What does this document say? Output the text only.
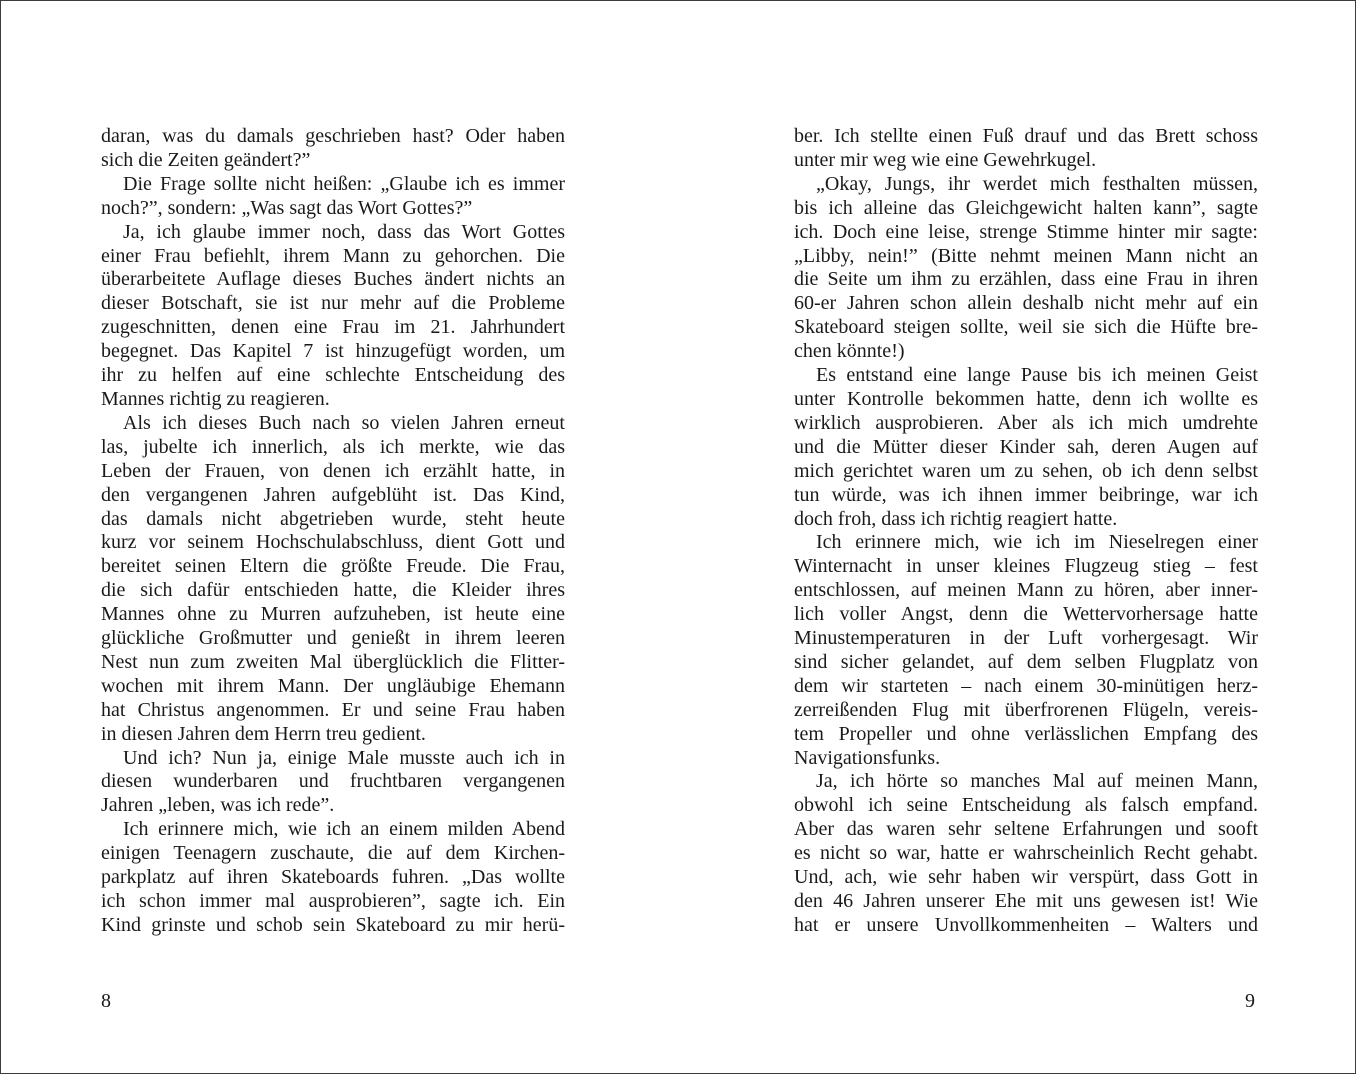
daran, was du damals geschrieben hast? Oder haben

sich die Zeiten geändert?”

Die Frage sollte nicht heißen: „Glaube ich es immer

noch?”, sondern: „Was sagt das Wort Gottes?”

Ja, ich glaube immer noch, dass das Wort Gottes

einer Frau befiehlt, ihrem Mann zu gehorchen. Die

überarbeitete Auflage dieses Buches ändert nichts an

dieser Botschaft, sie ist nur mehr auf die Probleme

zugeschnitten, denen eine Frau im 21. Jahrhundert

begegnet. Das Kapitel 7 ist hinzugefügt worden, um

ihr zu helfen auf eine schlechte Entscheidung des

Mannes richtig zu reagieren.

Als ich dieses Buch nach so vielen Jahren erneut

las, jubelte ich innerlich, als ich merkte, wie das

Leben der Frauen, von denen ich erzählt hatte, in

den vergangenen Jahren aufgeblüht ist. Das Kind,

das damals nicht abgetrieben wurde, steht heute

kurz vor seinem Hochschulabschluss, dient Gott und

bereitet seinen Eltern die größte Freude. Die Frau,

die sich dafür entschieden hatte, die Kleider ihres

Mannes ohne zu Murren aufzuheben, ist heute eine

glückliche Großmutter und genießt in ihrem leeren

Nest nun zum zweiten Mal überglücklich die Flitter-

wochen mit ihrem Mann. Der ungläubige Ehemann

hat Christus angenommen. Er und seine Frau haben

in diesen Jahren dem Herrn treu gedient.

Und ich? Nun ja, einige Male musste auch ich in

diesen wunderbaren und fruchtbaren vergangenen

Jahren „leben, was ich rede”.

Ich erinnere mich, wie ich an einem milden Abend

einigen Teenagern zuschaute, die auf dem Kirchen-

parkplatz auf ihren Skateboards fuhren. „Das wollte

ich schon immer mal ausprobieren”, sagte ich. Ein

Kind grinste und schob sein Skateboard zu mir herü-

ber. Ich stellte einen Fuß drauf und das Brett schoss

unter mir weg wie eine Gewehrkugel.

„Okay, Jungs, ihr werdet mich festhalten müssen,

bis ich alleine das Gleichgewicht halten kann”, sagte

ich. Doch eine leise, strenge Stimme hinter mir sagte:

„Libby, nein!” (Bitte nehmt meinen Mann nicht an

die Seite um ihm zu erzählen, dass eine Frau in ihren

60-er Jahren schon allein deshalb nicht mehr auf ein

Skateboard steigen sollte, weil sie sich die Hüfte bre-

chen könnte!)

Es entstand eine lange Pause bis ich meinen Geist

unter Kontrolle bekommen hatte, denn ich wollte es

wirklich ausprobieren. Aber als ich mich umdrehte

und die Mütter dieser Kinder sah, deren Augen auf

mich gerichtet waren um zu sehen, ob ich denn selbst

tun würde, was ich ihnen immer beibringe, war ich

doch froh, dass ich richtig reagiert hatte.

Ich erinnere mich, wie ich im Nieselregen einer

Winternacht in unser kleines Flugzeug stieg – fest

entschlossen, auf meinen Mann zu hören, aber inner-

lich voller Angst, denn die Wettervorhersage hatte

Minustemperaturen in der Luft vorhergesagt. Wir

sind sicher gelandet, auf dem selben Flugplatz von

dem wir starteten – nach einem 30-minütigen herz-

zerreißenden Flug mit überfrorenen Flügeln, vereis-

tem Propeller und ohne verlässlichen Empfang des

Navigationsfunks.

Ja, ich hörte so manches Mal auf meinen Mann,

obwohl ich seine Entscheidung als falsch empfand.

Aber das waren sehr seltene Erfahrungen und sooft

es nicht so war, hatte er wahrscheinlich Recht gehabt.

Und, ach, wie sehr haben wir verspürt, dass Gott in

den 46 Jahren unserer Ehe mit uns gewesen ist! Wie

hat er unsere Unvollkommenheiten – Walters und

8	9
